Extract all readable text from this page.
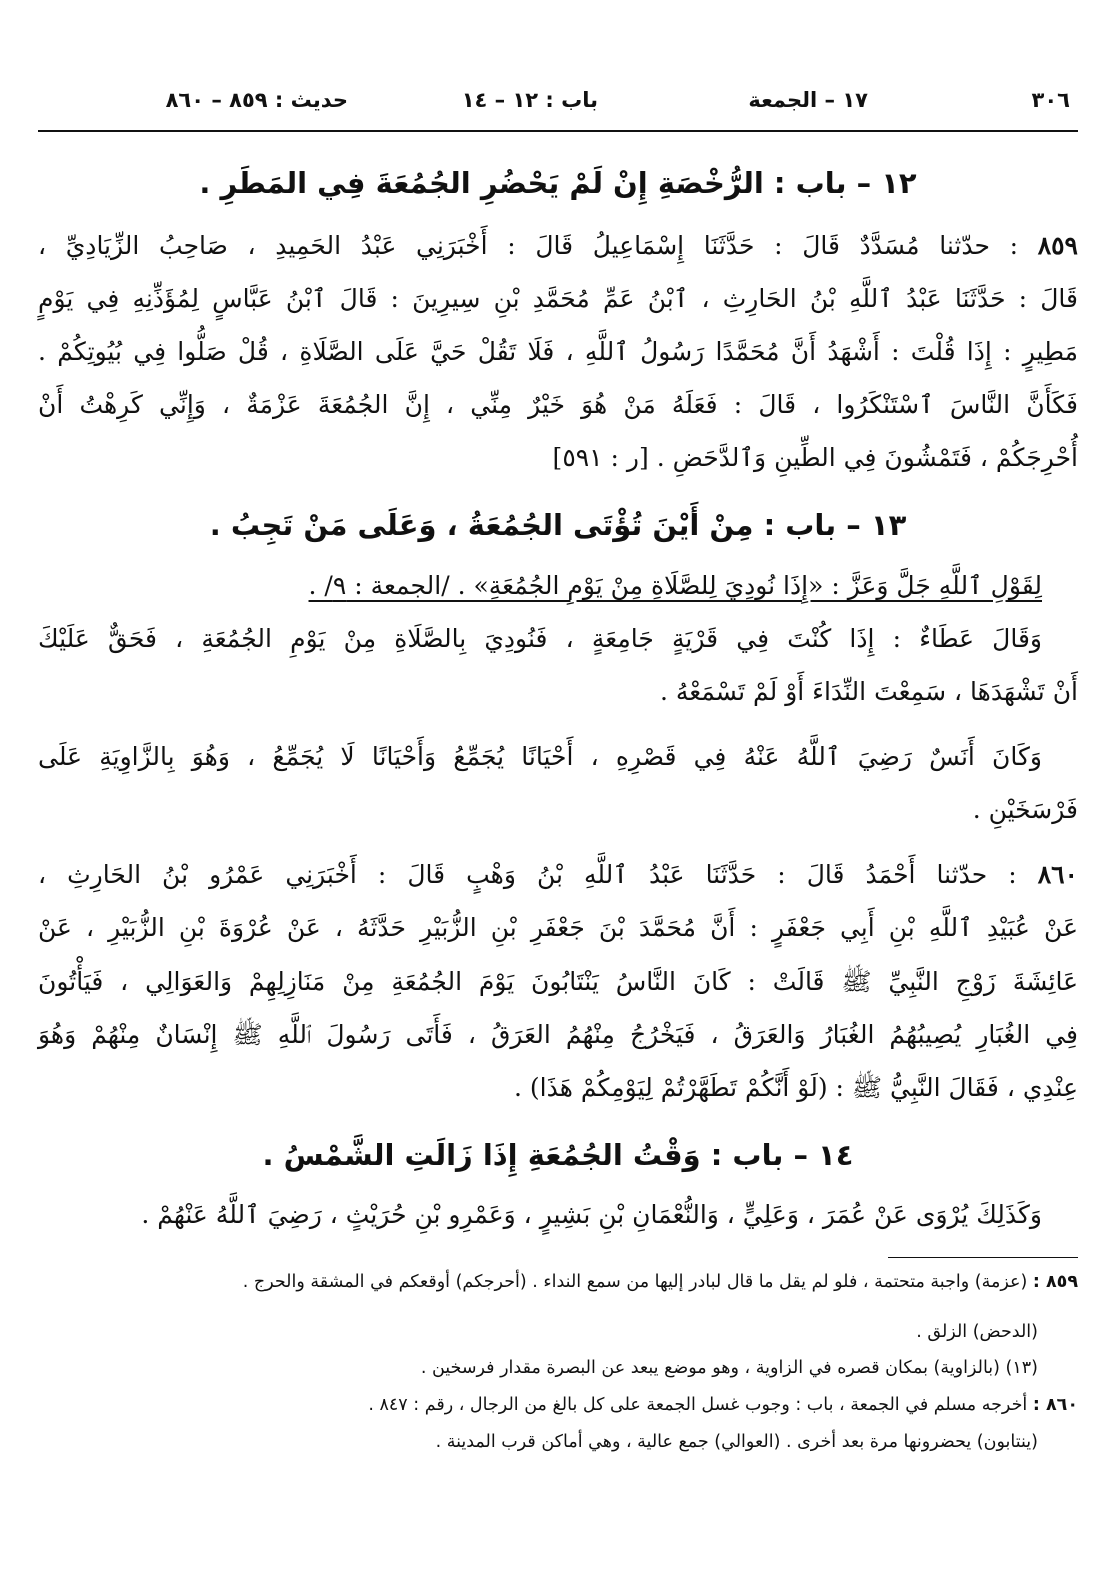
٣٠٦
١٧ – الجمعة
باب : ١٢ – ١٤
حديث : ٨٥٩ – ٨٦٠
١٢ – باب : الرُّخْصَةِ إِنْ لَمْ يَحْضُرِ الجُمُعَةَ فِي المَطَرِ .
٨٥٩ : حدّثنا مُسَدَّدٌ قَالَ : حَدَّثَنَا إِسْمَاعِيلُ قَالَ : أَخْبَرَنِي عَبْدُ الحَمِيدِ ، صَاحِبُ الزِّيَادِيِّ ،
قَالَ : حَدَّثَنَا عَبْدُ ٱللَّهِ بْنُ الحَارِثِ ، ٱبْنُ عَمِّ مُحَمَّدِ بْنِ سِيرِينَ : قَالَ ٱبْنُ عَبَّاسٍ لِمُؤَذِّنِهِ فِي يَوْمٍ
مَطِيرٍ : إِذَا قُلْتَ : أَشْهَدُ أَنَّ مُحَمَّدًا رَسُولُ ٱللَّهِ ، فَلَا تَقُلْ حَيَّ عَلَى الصَّلَاةِ ، قُلْ صَلُّوا فِي بُيُوتِكُمْ .
فَكَأَنَّ النَّاسَ ٱسْتَنْكَرُوا ، قَالَ : فَعَلَهُ مَنْ هُوَ خَيْرٌ مِنِّي ، إِنَّ الجُمُعَةَ عَزْمَةٌ ، وَإِنِّي كَرِهْتُ أَنْ
أُحْرِجَكُمْ ، فَتَمْشُونَ فِي الطِّينِ وَٱلدَّحَضِ . [ر : ٥٩١]
١٣ – باب : مِنْ أَيْنَ تُؤْتَى الجُمُعَةُ ، وَعَلَى مَنْ تَجِبُ .
لِقَوْلِ ٱللَّهِ جَلَّ وَعَزَّ : «إِذَا نُودِيَ لِلصَّلَاةِ مِنْ يَوْمِ الجُمُعَةِ» . /الجمعة : ٩/ .
وَقَالَ عَطَاءٌ : إِذَا كُنْتَ فِي قَرْيَةٍ جَامِعَةٍ ، فَنُودِيَ بِالصَّلَاةِ مِنْ يَوْمِ الجُمُعَةِ ، فَحَقٌّ عَلَيْكَ
أَنْ تَشْهَدَهَا ، سَمِعْتَ النِّدَاءَ أَوْ لَمْ تَسْمَعْهُ .
وَكَانَ أَنَسٌ رَضِيَ ٱللَّهُ عَنْهُ فِي قَصْرِهِ ، أَحْيَانًا يُجَمِّعُ وَأَحْيَانًا لَا يُجَمِّعُ ، وَهُوَ بِالزَّاوِيَةِ عَلَى
فَرْسَخَيْنِ .
٨٦٠ : حدّثنا أَحْمَدُ قَالَ : حَدَّثَنَا عَبْدُ ٱللَّهِ بْنُ وَهْبٍ قَالَ : أَخْبَرَنِي عَمْرُو بْنُ الحَارِثِ ،
عَنْ عُبَيْدِ ٱللَّهِ بْنِ أَبِي جَعْفَرٍ : أَنَّ مُحَمَّدَ بْنَ جَعْفَرِ بْنِ الزُّبَيْرِ حَدَّثَهُ ، عَنْ عُرْوَةَ بْنِ الزُّبَيْرِ ، عَنْ
عَائِشَةَ زَوْجِ النَّبِيِّ ﷺ قَالَتْ : كَانَ النَّاسُ يَنْتَابُونَ يَوْمَ الجُمُعَةِ مِنْ مَنَازِلِهِمْ وَالعَوَالِي ، فَيَأْتُونَ
فِي الغُبَارِ يُصِيبُهُمُ الغُبَارُ وَالعَرَقُ ، فَيَخْرُجُ مِنْهُمُ العَرَقُ ، فَأَتَى رَسُولَ ٱللَّهِ ﷺ إِنْسَانٌ مِنْهُمْ وَهُوَ
عِنْدِي ، فَقَالَ النَّبِيُّ ﷺ : (لَوْ أَنَّكُمْ تَطَهَّرْتُمْ لِيَوْمِكُمْ هَذَا) .
١٤ – باب : وَقْتُ الجُمُعَةِ إِذَا زَالَتِ الشَّمْسُ .
وَكَذَلِكَ يُرْوَى عَنْ عُمَرَ ، وَعَلِيٍّ ، وَالنُّعْمَانِ بْنِ بَشِيرٍ ، وَعَمْرِو بْنِ حُرَيْثٍ ، رَضِيَ ٱللَّهُ عَنْهُمْ .
٨٥٩ : (عزمة) واجبة متحتمة ، فلو لم يقل ما قال لبادر إليها من سمع النداء . (أحرجكم) أوقعكم في المشقة والحرج .
(الدحض) الزلق .
(١٣) (بالزاوية) بمكان قصره في الزاوية ، وهو موضع يبعد عن البصرة مقدار فرسخين .
٨٦٠ : أخرجه مسلم في الجمعة ، باب : وجوب غسل الجمعة على كل بالغ من الرجال ، رقم : ٨٤٧ .
(ينتابون) يحضرونها مرة بعد أخرى . (العوالي) جمع عالية ، وهي أماكن قرب المدينة .
